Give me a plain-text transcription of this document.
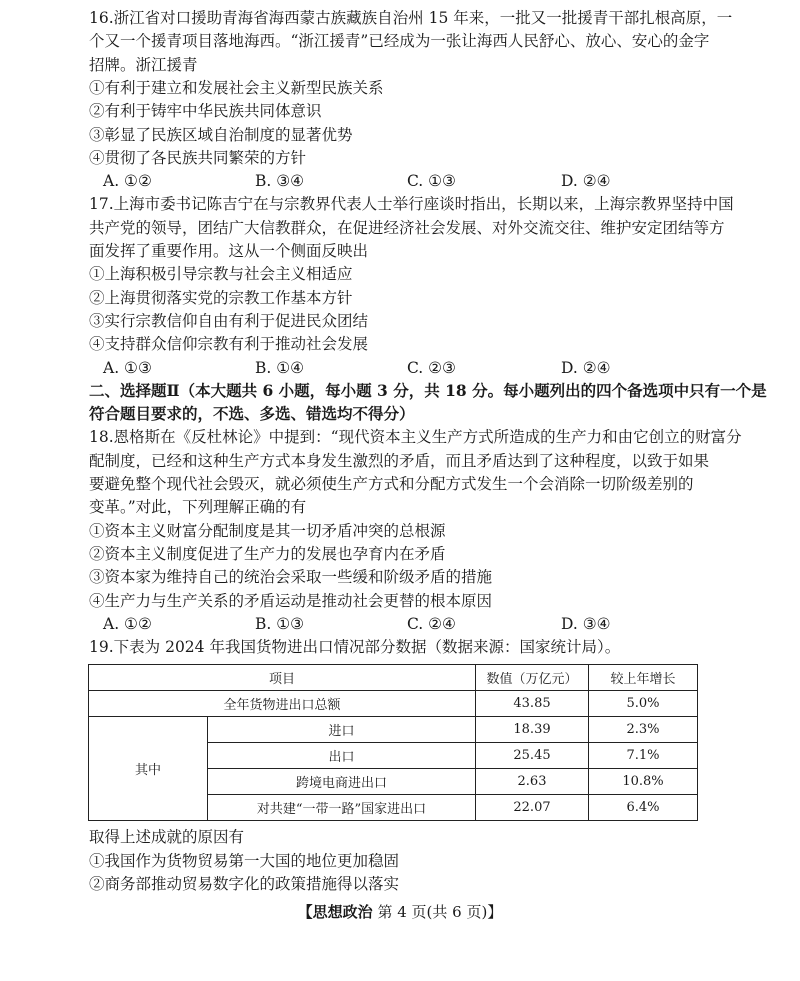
16.浙江省对口援助青海省海西蒙古族藏族自治州 15 年来，一批又一批援青干部扎根高原，一
个又一个援青项目落地海西。“浙江援青”已经成为一张让海西人民舒心、放心、安心的金字
招牌。浙江援青
①有利于建立和发展社会主义新型民族关系
②有利于铸牢中华民族共同体意识
③彰显了民族区域自治制度的显著优势
④贯彻了各民族共同繁荣的方针
A. ①②	B. ③④	C. ①③	D. ②④
17.上海市委书记陈吉宁在与宗教界代表人士举行座谈时指出，长期以来，上海宗教界坚持中国
共产党的领导，团结广大信教群众，在促进经济社会发展、对外交流交往、维护安定团结等方
面发挥了重要作用。这从一个侧面反映出
①上海积极引导宗教与社会主义相适应
②上海贯彻落实党的宗教工作基本方针
③实行宗教信仰自由有利于促进民众团结
④支持群众信仰宗教有利于推动社会发展
A. ①③	B. ①④	C. ②③	D. ②④
二、选择题Ⅱ（本大题共 6 小题，每小题 3 分，共 18 分。每小题列出的四个备选项中只有一个是
符合题目要求的，不选、多选、错选均不得分）
18.恩格斯在《反杜林论》中提到：“现代资本主义生产方式所造成的生产力和由它创立的财富分
配制度，已经和这种生产方式本身发生激烈的矛盾，而且矛盾达到了这种程度，以致于如果
要避免整个现代社会毁灭，就必须使生产方式和分配方式发生一个会消除一切阶级差别的
变革。”对此，下列理解正确的有
①资本主义财富分配制度是其一切矛盾冲突的总根源
②资本主义制度促进了生产力的发展也孕育内在矛盾
③资本家为维持自己的统治会采取一些缓和阶级矛盾的措施
④生产力与生产关系的矛盾运动是推动社会更替的根本原因
A. ①②	B. ①③	C. ②④	D. ③④
19.下表为 2024 年我国货物进出口情况部分数据（数据来源：国家统计局）。
项目		数值（万亿元）	较上年增长
全年货物进出口总额		43.85	5.0%
其中	进口	18.39	2.3%
	出口	25.45	7.1%
	跨境电商进出口	2.63	10.8%
	对共建“一带一路”国家进出口	22.07	6.4%
取得上述成就的原因有
①我国作为货物贸易第一大国的地位更加稳固
②商务部推动贸易数字化的政策措施得以落实
【思想政治 第 4 页(共 6 页)】
